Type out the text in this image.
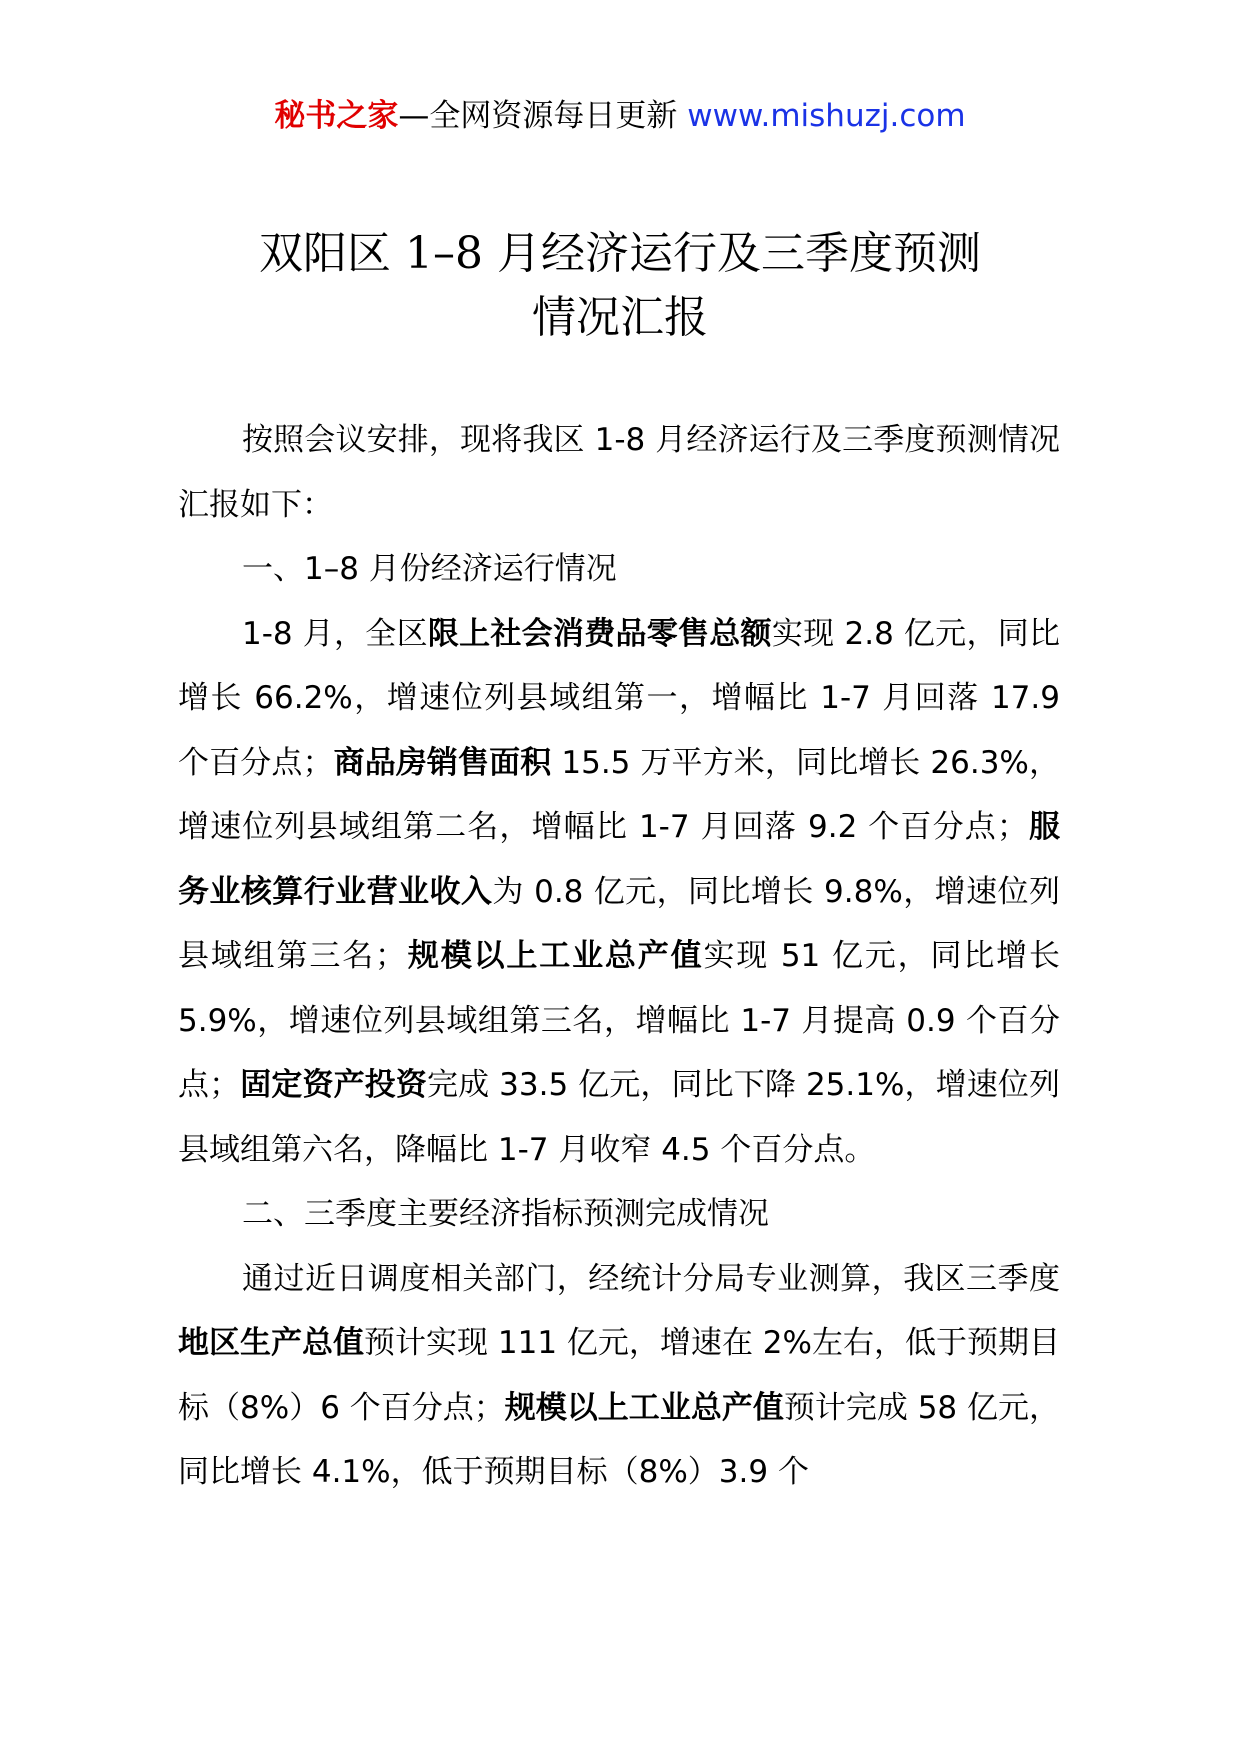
秘书之家—全网资源每日更新 www.mishuzj.com
双阳区 1–8 月经济运行及三季度预测
情况汇报

按照会议安排，现将我区 1-8 月经济运行及三季度预测情况汇报如下：

一、1–8 月份经济运行情况

1-8 月，全区限上社会消费品零售总额实现 2.8 亿元，同比增长 66.2%，增速位列县域组第一，增幅比 1-7 月回落 17.9 个百分点；商品房销售面积 15.5 万平方米，同比增长 26.3%，增速位列县域组第二名，增幅比 1-7 月回落 9.2 个百分点；服务业核算行业营业收入为 0.8 亿元，同比增长 9.8%，增速位列县域组第三名；规模以上工业总产值实现 51 亿元，同比增长 5.9%，增速位列县域组第三名，增幅比 1-7 月提高 0.9 个百分点；固定资产投资完成 33.5 亿元，同比下降 25.1%，增速位列县域组第六名，降幅比 1-7 月收窄 4.5 个百分点。

二、三季度主要经济指标预测完成情况

通过近日调度相关部门，经统计分局专业测算，我区三季度地区生产总值预计实现 111 亿元，增速在 2%左右，低于预期目标（8%）6 个百分点；规模以上工业总产值预计完成 58 亿元，同比增长 4.1%，低于预期目标（8%）3.9 个
